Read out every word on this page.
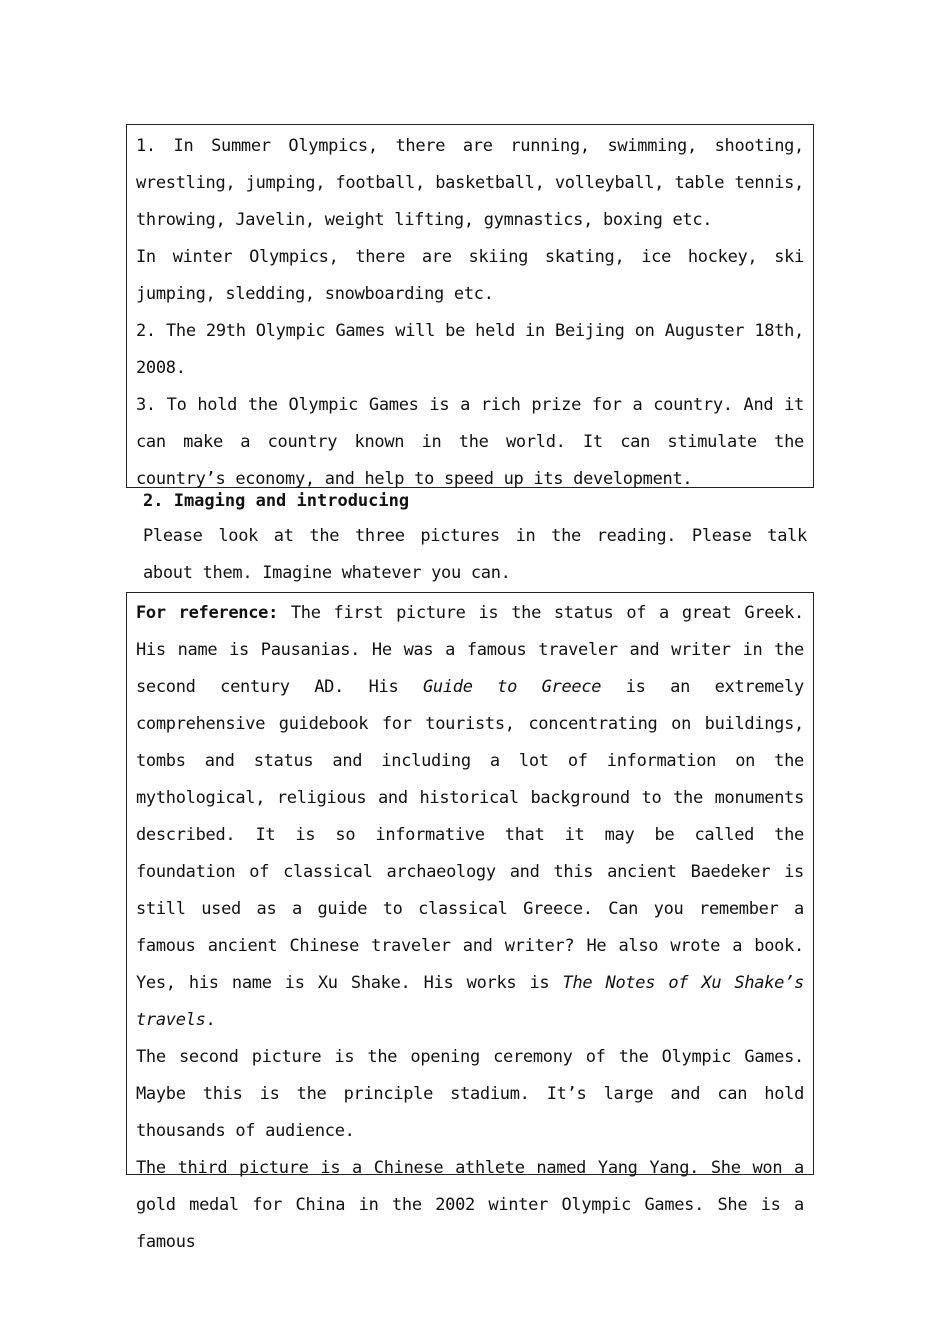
1. In Summer Olympics, there are running, swimming, shooting, wrestling, jumping, football, basketball, volleyball, table tennis, throwing, Javelin, weight lifting, gymnastics, boxing etc.

In winter Olympics, there are skiing skating, ice hockey, ski jumping, sledding, snowboarding etc.

2. The 29th Olympic Games will be held in Beijing on Auguster 18th, 2008.

3. To hold the Olympic Games is a rich prize for a country. And it can make a country known in the world. It can stimulate the country’s economy, and help to speed up its development.

2. Imaging and introducing
Please look at the three pictures in the reading. Please talk about them. Imagine whatever you can.

For reference: The first picture is the status of a great Greek. His name is Pausanias. He was a famous traveler and writer in the second century AD. His Guide to Greece is an extremely comprehensive guidebook for tourists, concentrating on buildings, tombs and status and including a lot of information on the mythological, religious and historical background to the monuments described. It is so informative that it may be called the foundation of classical archaeology and this ancient Baedeker is still used as a guide to classical Greece. Can you remember a famous ancient Chinese traveler and writer? He also wrote a book. Yes, his name is Xu Shake. His works is The Notes of Xu Shake’s travels.

The second picture is the opening ceremony of the Olympic Games. Maybe this is the principle stadium. It’s large and can hold thousands of audience.

The third picture is a Chinese athlete named Yang Yang. She won a gold medal for China in the 2002 winter Olympic Games. She is a famous
